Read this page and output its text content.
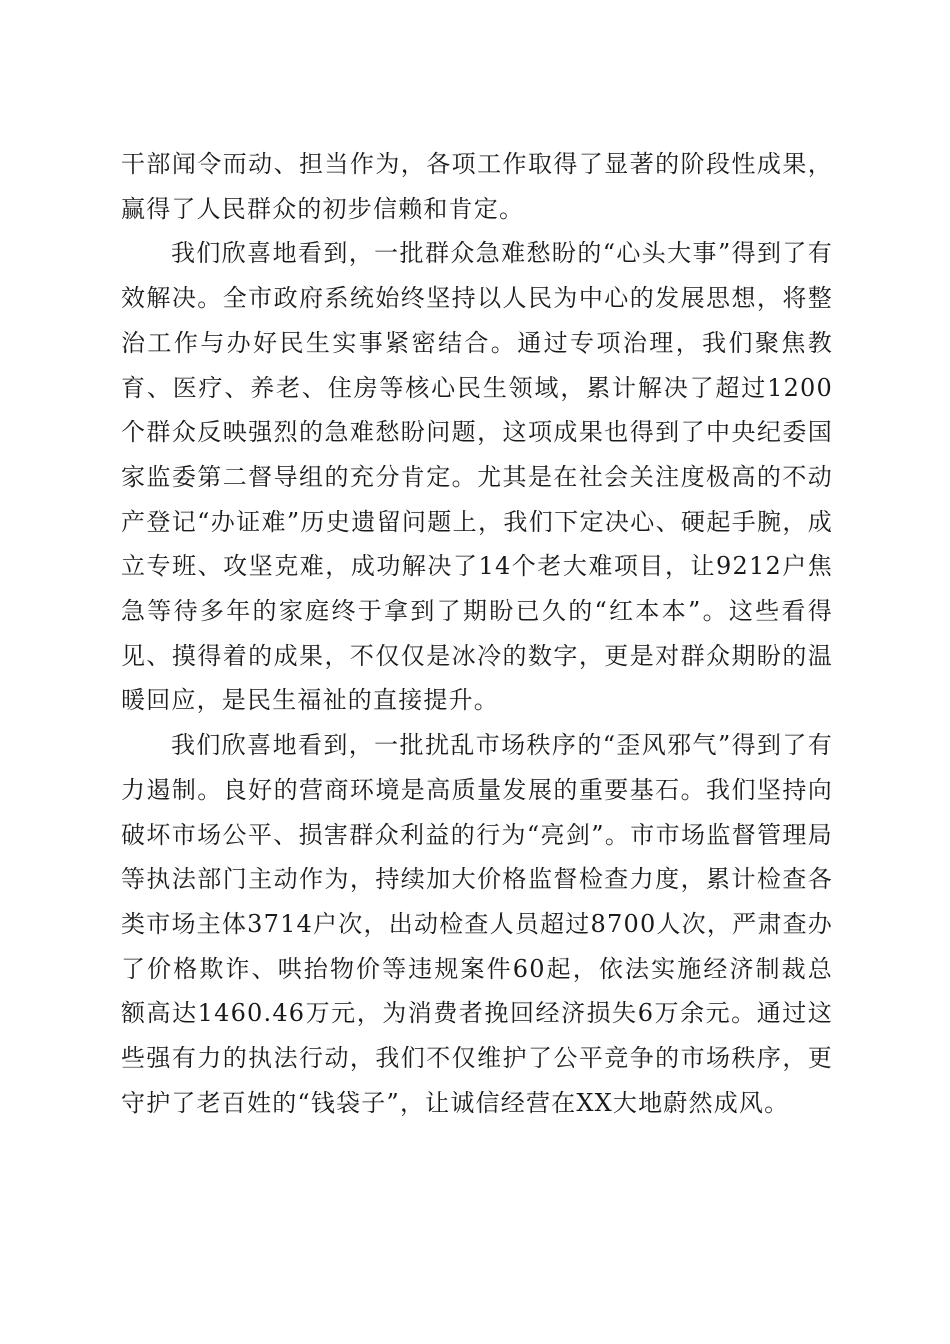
干部闻令而动、担当作为，各项工作取得了显著的阶段性成果，赢得了人民群众的初步信赖和肯定。

我们欣喜地看到，一批群众急难愁盼的“心头大事”得到了有效解决。全市政府系统始终坚持以人民为中心的发展思想，将整治工作与办好民生实事紧密结合。通过专项治理，我们聚焦教育、医疗、养老、住房等核心民生领域，累计解决了超过1200个群众反映强烈的急难愁盼问题，这项成果也得到了中央纪委国家监委第二督导组的充分肯定。尤其是在社会关注度极高的不动产登记“办证难”历史遗留问题上，我们下定决心、硬起手腕，成立专班、攻坚克难，成功解决了14个老大难项目，让9212户焦急等待多年的家庭终于拿到了期盼已久的“红本本”。这些看得见、摸得着的成果，不仅仅是冰冷的数字，更是对群众期盼的温暖回应，是民生福祉的直接提升。

我们欣喜地看到，一批扰乱市场秩序的“歪风邪气”得到了有力遏制。良好的营商环境是高质量发展的重要基石。我们坚持向破坏市场公平、损害群众利益的行为“亮剑”。市市场监督管理局等执法部门主动作为，持续加大价格监督检查力度，累计检查各类市场主体3714户次，出动检查人员超过8700人次，严肃查办了价格欺诈、哄抬物价等违规案件60起，依法实施经济制裁总额高达1460.46万元，为消费者挽回经济损失6万余元。通过这些强有力的执法行动，我们不仅维护了公平竞争的市场秩序，更守护了老百姓的“钱袋子”，让诚信经营在XX大地蔚然成风。
